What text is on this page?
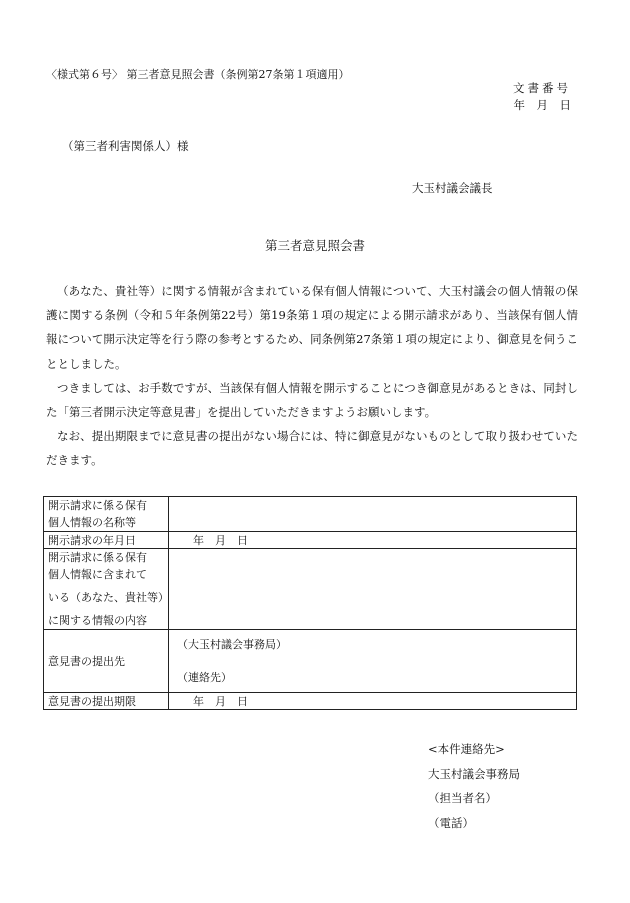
〈様式第６号〉 第三者意見照会書（条例第27条第１項適用）
文書番号
年　月　日
（第三者利害関係人）様
大玉村議会議長
第三者意見照会書

（あなた、貴社等）に関する情報が含まれている保有個人情報について、大玉村議会の個人情報の保護に関する条例（令和５年条例第22号）第19条第１項の規定による開示請求があり、当該保有個人情報について開示決定等を行う際の参考とするため、同条例第27条第１項の規定により、御意見を伺うこととしました。

つきましては、お手数ですが、当該保有個人情報を開示することにつき御意見があるときは、同封した「第三者開示決定等意見書」を提出していただきますようお願いします。

なお、提出期限までに意見書の提出がない場合には、特に御意見がないものとして取り扱わせていただきます。

開示請求に係る保有
個人情報の名称等	

開示請求の年月日	年　月　日

開示請求に係る保有
個人情報に含まれて
いる（あなた、貴社等）
に関する情報の内容	

意見書の提出先	（大玉村議会事務局）
（連絡先）

意見書の提出期限	年　月　日
<本件連絡先>
大玉村議会事務局
（担当者名）
（電話）
